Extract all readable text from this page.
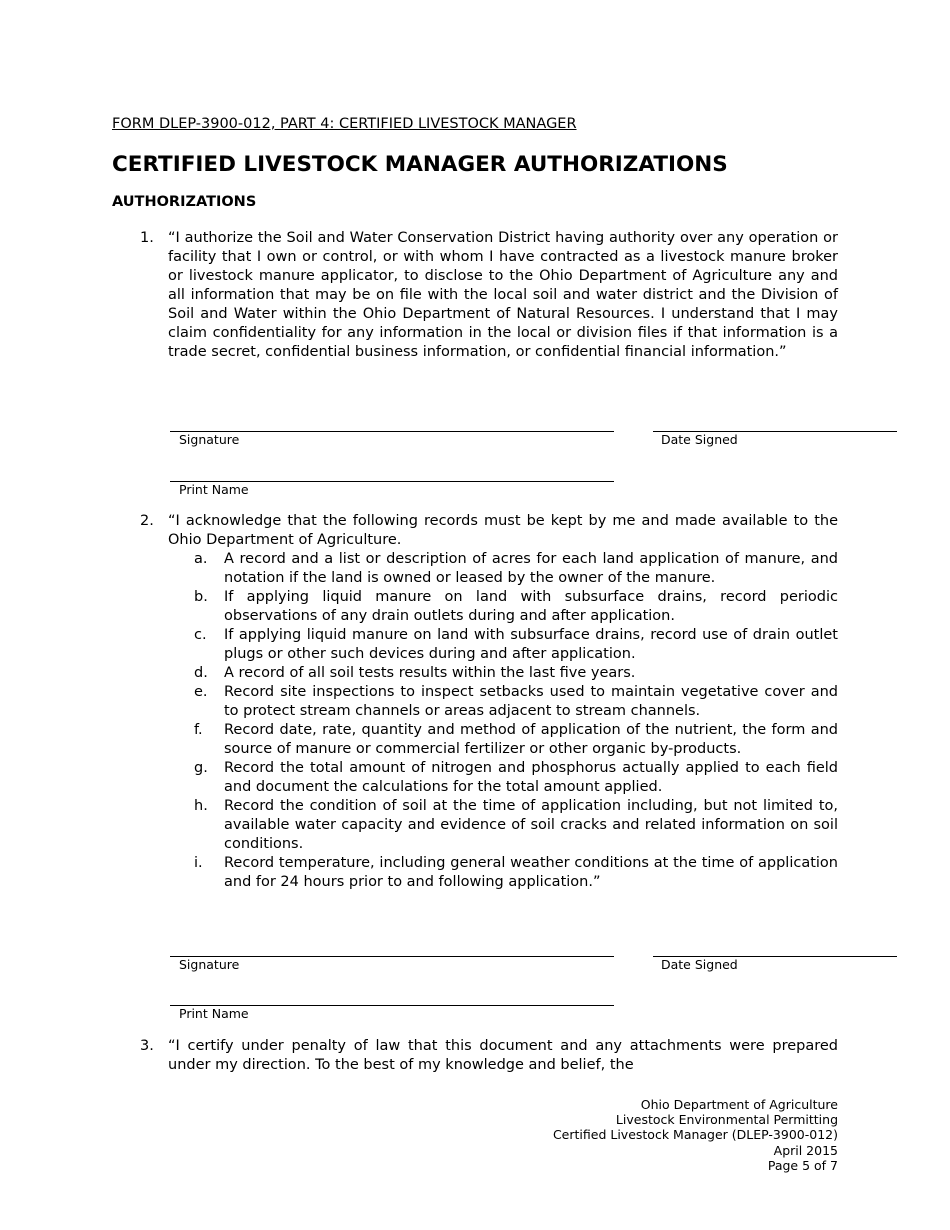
FORM DLEP-3900-012, PART 4: CERTIFIED LIVESTOCK MANAGER
CERTIFIED LIVESTOCK MANAGER AUTHORIZATIONS
AUTHORIZATIONS
1. “I authorize the Soil and Water Conservation District having authority over any operation or facility that I own or control, or with whom I have contracted as a livestock manure broker or livestock manure applicator, to disclose to the Ohio Department of Agriculture any and all information that may be on file with the local soil and water district and the Division of Soil and Water within the Ohio Department of Natural Resources. I understand that I may claim confidentiality for any information in the local or division files if that information is a trade secret, confidential business information, or confidential financial information.”

Signature	Date Signed
Print Name
2. “I acknowledge that the following records must be kept by me and made available to the Ohio Department of Agriculture.

a. A record and a list or description of acres for each land application of manure, and notation if the land is owned or leased by the owner of the manure.
b. If applying liquid manure on land with subsurface drains, record periodic observations of any drain outlets during and after application.
c. If applying liquid manure on land with subsurface drains, record use of drain outlet plugs or other such devices during and after application.
d. A record of all soil tests results within the last five years.
e. Record site inspections to inspect setbacks used to maintain vegetative cover and to protect stream channels or areas adjacent to stream channels.
f. Record date, rate, quantity and method of application of the nutrient, the form and source of manure or commercial fertilizer or other organic by-products.
g. Record the total amount of nitrogen and phosphorus actually applied to each field and document the calculations for the total amount applied.
h. Record the condition of soil at the time of application including, but not limited to, available water capacity and evidence of soil cracks and related information on soil conditions.
i. Record temperature, including general weather conditions at the time of application and for 24 hours prior to and following application.”
Signature	Date Signed
Print Name
3. “I certify under penalty of law that this document and any attachments were prepared under my direction. To the best of my knowledge and belief, the

Ohio Department of Agriculture
Livestock Environmental Permitting
Certified Livestock Manager (DLEP-3900-012)
April 2015
Page 5 of 7
